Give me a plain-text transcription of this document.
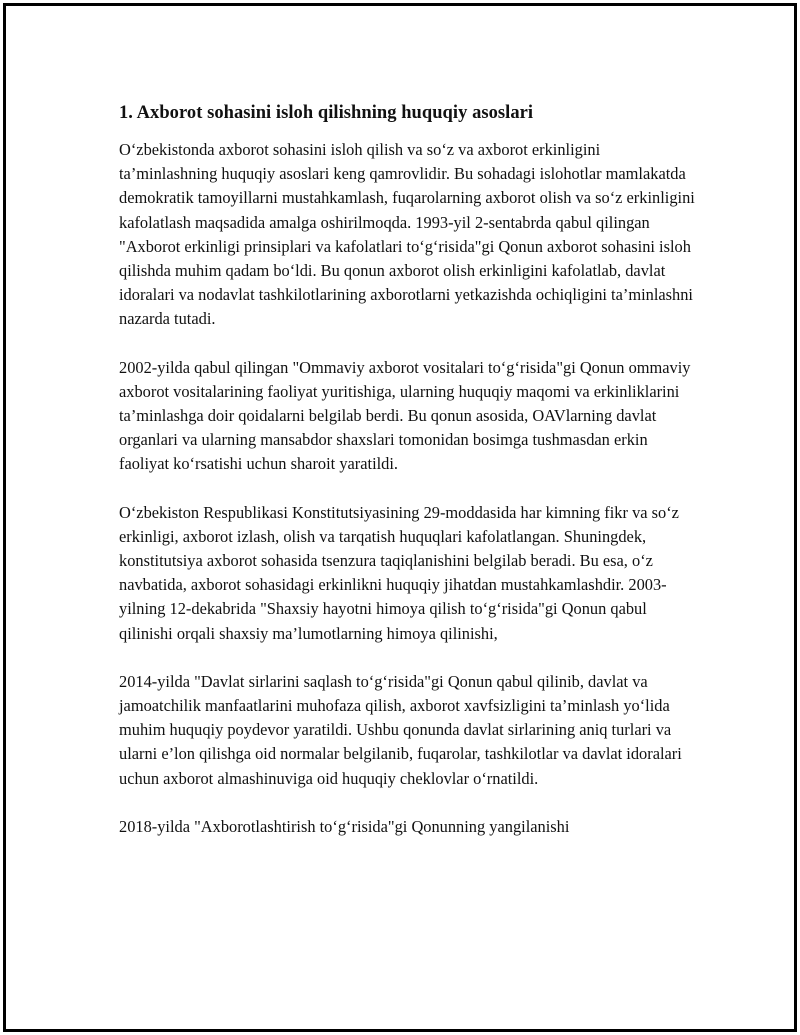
1. Axborot sohasini isloh qilishning huquqiy asoslari

O‘zbekistonda axborot sohasini isloh qilish va so‘z va axborot erkinligini ta’minlashning huquqiy asoslari keng qamrovlidir. Bu sohadagi islohotlar mamlakatda demokratik tamoyillarni mustahkamlash, fuqarolarning axborot olish va so‘z erkinligini kafolatlash maqsadida amalga oshirilmoqda. 1993-yil 2-sentabrda qabul qilingan "Axborot erkinligi prinsiplari va kafolatlari to‘g‘risida"gi Qonun axborot sohasini isloh qilishda muhim qadam bo‘ldi. Bu qonun axborot olish erkinligini kafolatlab, davlat idoralari va nodavlat tashkilotlarining axborotlarni yetkazishda ochiqligini ta’minlashni nazarda tutadi.

2002-yilda qabul qilingan "Ommaviy axborot vositalari to‘g‘risida"gi Qonun ommaviy axborot vositalarining faoliyat yuritishiga, ularning huquqiy maqomi va erkinliklarini ta’minlashga doir qoidalarni belgilab berdi. Bu qonun asosida, OAVlarning davlat organlari va ularning mansabdor shaxslari tomonidan bosimga tushmasdan erkin faoliyat ko‘rsatishi uchun sharoit yaratildi.

O‘zbekiston Respublikasi Konstitutsiyasining 29-moddasida har kimning fikr va so‘z erkinligi, axborot izlash, olish va tarqatish huquqlari kafolatlangan. Shuningdek, konstitutsiya axborot sohasida tsenzura taqiqlanishini belgilab beradi. Bu esa, o‘z navbatida, axborot sohasidagi erkinlikni huquqiy jihatdan mustahkamlashdir. 2003-yilning 12-dekabrida "Shaxsiy hayotni himoya qilish to‘g‘risida"gi Qonun qabul qilinishi orqali shaxsiy ma’lumotlarning himoya qilinishi,

2014-yilda "Davlat sirlarini saqlash to‘g‘risida"gi Qonun qabul qilinib, davlat va jamoatchilik manfaatlarini muhofaza qilish, axborot xavfsizligini ta’minlash yo‘lida muhim huquqiy poydevor yaratildi. Ushbu qonunda davlat sirlarining aniq turlari va ularni e’lon qilishga oid normalar belgilanib, fuqarolar, tashkilotlar va davlat idoralari uchun axborot almashinuviga oid huquqiy cheklovlar o‘rnatildi.

2018-yilda "Axborotlashtirish to‘g‘risida"gi Qonunning yangilanishi
